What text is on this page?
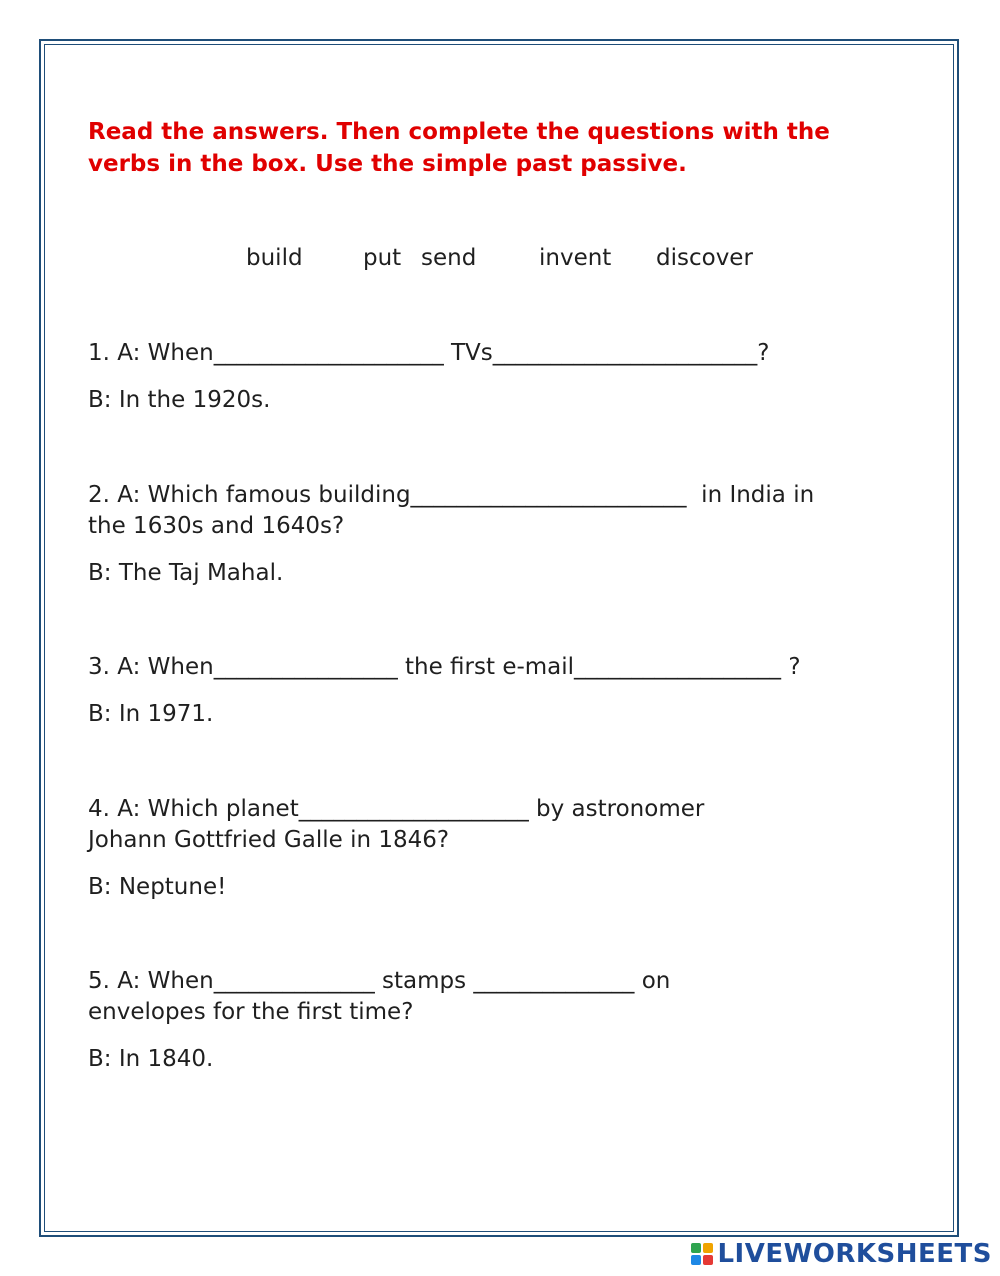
Read the answers. Then complete the questions with the
verbs in the box. Use the simple past passive.
build	put send	invent discover
1. A: When____________________ TVs_______________________?
B: In the 1920s.
2. A: Which famous building________________________  in India in
the 1630s and 1640s?
B: The Taj Mahal.
3. A: When________________ the first e-mail__________________ ?
B: In 1971.
4. A: Which planet____________________ by astronomer
Johann Gottfried Galle in 1846?
B: Neptune!
5. A: When______________ stamps ______________ on
envelopes for the first time?
B: In 1840.
LIVEWORKSHEETS
